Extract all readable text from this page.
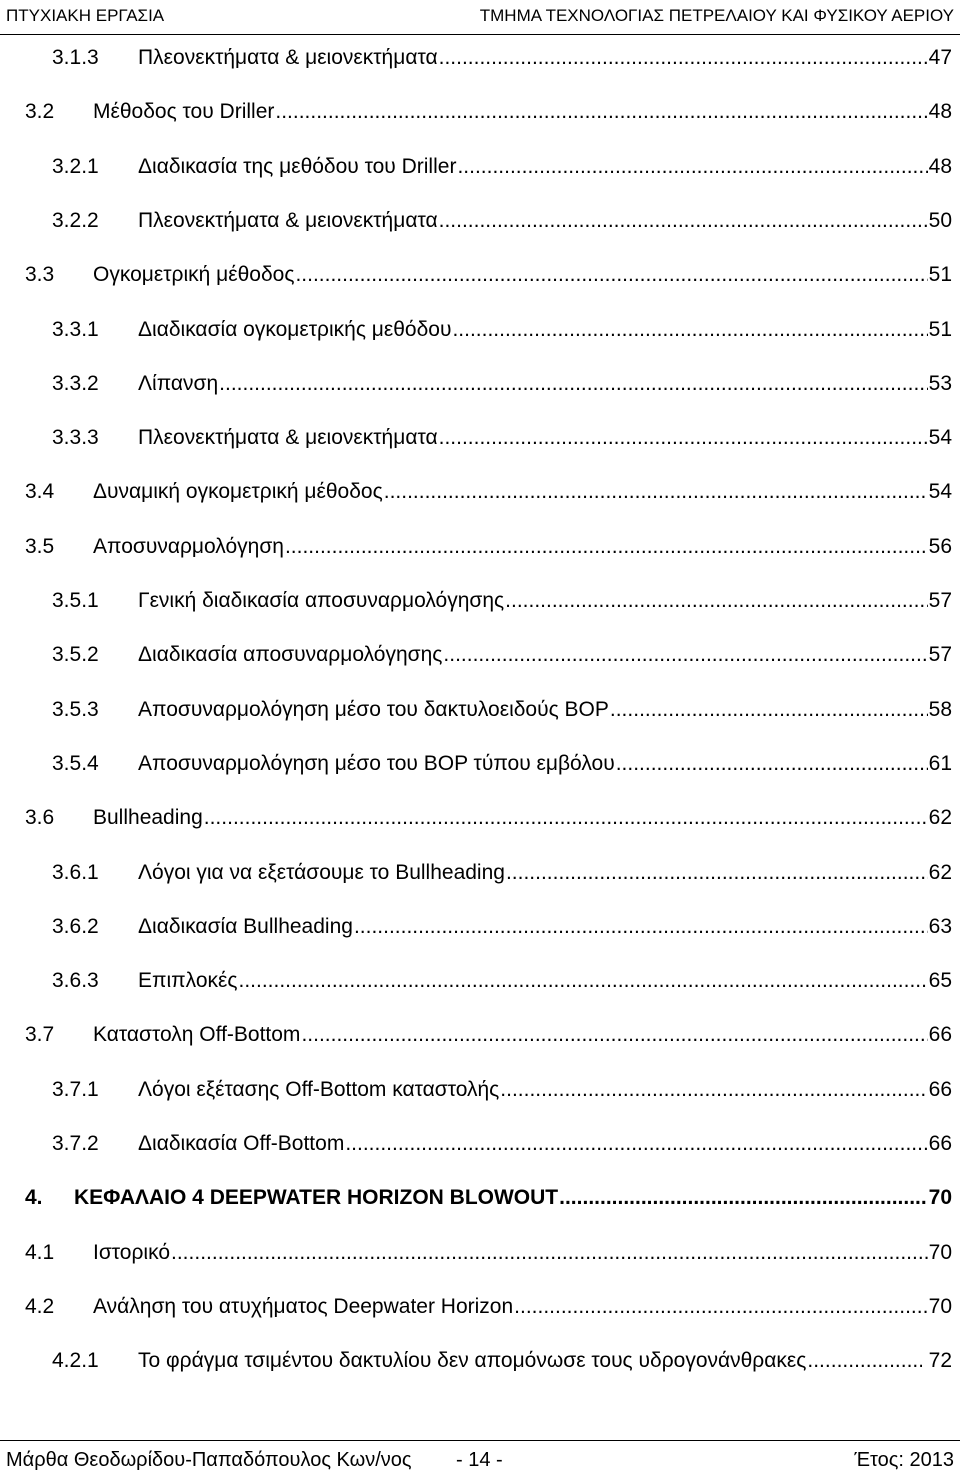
ΠΤΥΧΙΑΚΗ ΕΡΓΑΣΙΑ	ΤΜΗΜΑ ΤΕΧΝΟΛΟΓΙΑΣ ΠΕΤΡΕΛΑΙΟΥ ΚΑΙ ΦΥΣΙΚΟΥ ΑΕΡΙΟΥ
3.1.3	Πλεονεκτήματα & μειονεκτήματα .....	47
3.2	Μέθοδος του Driller .....	48
3.2.1	Διαδικασία της μεθόδου του Driller .....	48
3.2.2	Πλεονεκτήματα & μειονεκτήματα .....	50
3.3	Ογκομετρική μέθοδος .....	51
3.3.1	Διαδικασία ογκομετρικής μεθόδου .....	51
3.3.2	Λίπανση .....	53
3.3.3	Πλεονεκτήματα & μειονεκτήματα .....	54
3.4	Δυναμική ογκομετρική μέθοδος .....	54
3.5	Αποσυναρμολόγηση .....	56
3.5.1	Γενική διαδικασία αποσυναρμολόγησης .....	57
3.5.2	Διαδικασία αποσυναρμολόγησης .....	57
3.5.3	Αποσυναρμολόγηση μέσο του δακτυλοειδούς BOP .....	58
3.5.4	Αποσυναρμολόγηση μέσο του BOP τύπου εμβόλου .....	61
3.6	Bullheading .....	62
3.6.1	Λόγοι για να εξετάσουμε το Bullheading .....	62
3.6.2	Διαδικασία Bullheading .....	63
3.6.3	Επιπλοκές .....	65
3.7	Καταστολη Off-Bottom .....	66
3.7.1	Λόγοι εξέτασης Off-Bottom καταστολής .....	66
3.7.2	Διαδικασία Off-Bottom .....	66
4.	ΚΕΦΑΛΑΙΟ 4 DEEPWATER HORIZON BLOWOUT .....	70
4.1	Ιστορικό .....	70
4.2	Ανάληση του ατυχήματος Deepwater Horizon .....	70
4.2.1	Το φράγμα τσιμέντου δακτυλίου δεν απομόνωσε τους υδρογονάνθρακες .....	72
Μάρθα Θεοδωρίδου-Παπαδόπουλος Κων/νος - 14 -	Έτος: 2013
